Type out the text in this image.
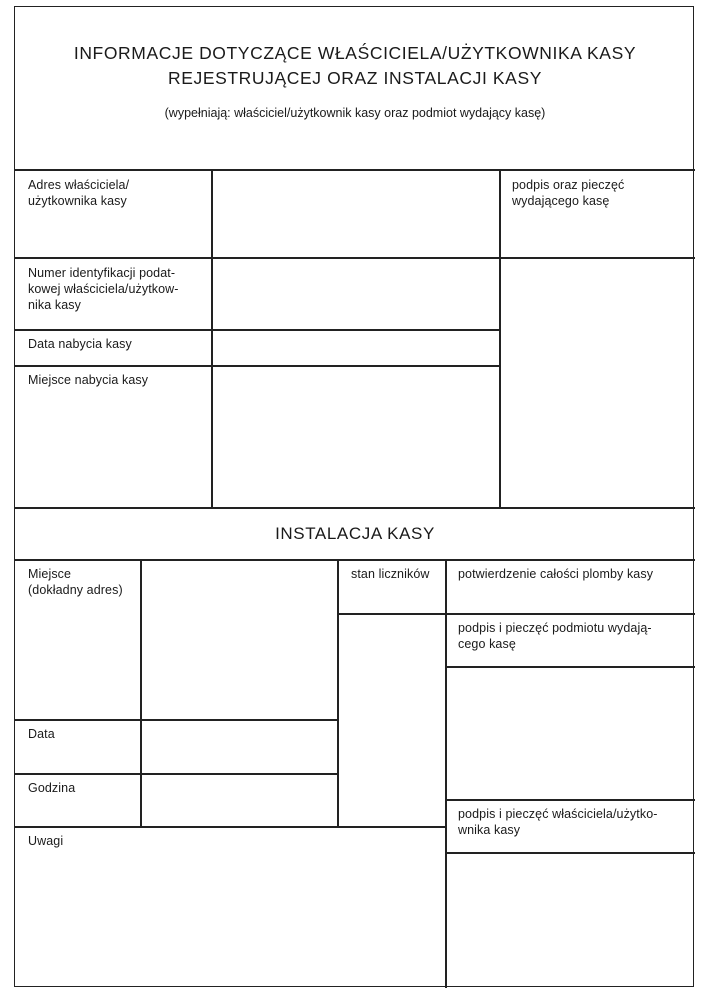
INFORMACJE DOTYCZĄCE WŁAŚCICIELA/UŻYTKOWNIKA KASY
REJESTRUJĄCEJ ORAZ INSTALACJI KASY
(wypełniają: właściciel/użytkownik kasy oraz podmiot wydający kasę)
Adres właściciela/
użytkownika kasy
podpis oraz pieczęć
wydającego kasę
Numer identyfikacji podat-
kowej właściciela/użytkow-
nika kasy
Data nabycia kasy
Miejsce nabycia kasy
INSTALACJA KASY
Miejsce
(dokładny adres)
stan liczników potwierdzenie całości plomby kasy
podpis i pieczęć podmiotu wydają-
cego kasę
Data
Godzina
podpis i pieczęć właściciela/użytko-
wnika kasy
Uwagi
